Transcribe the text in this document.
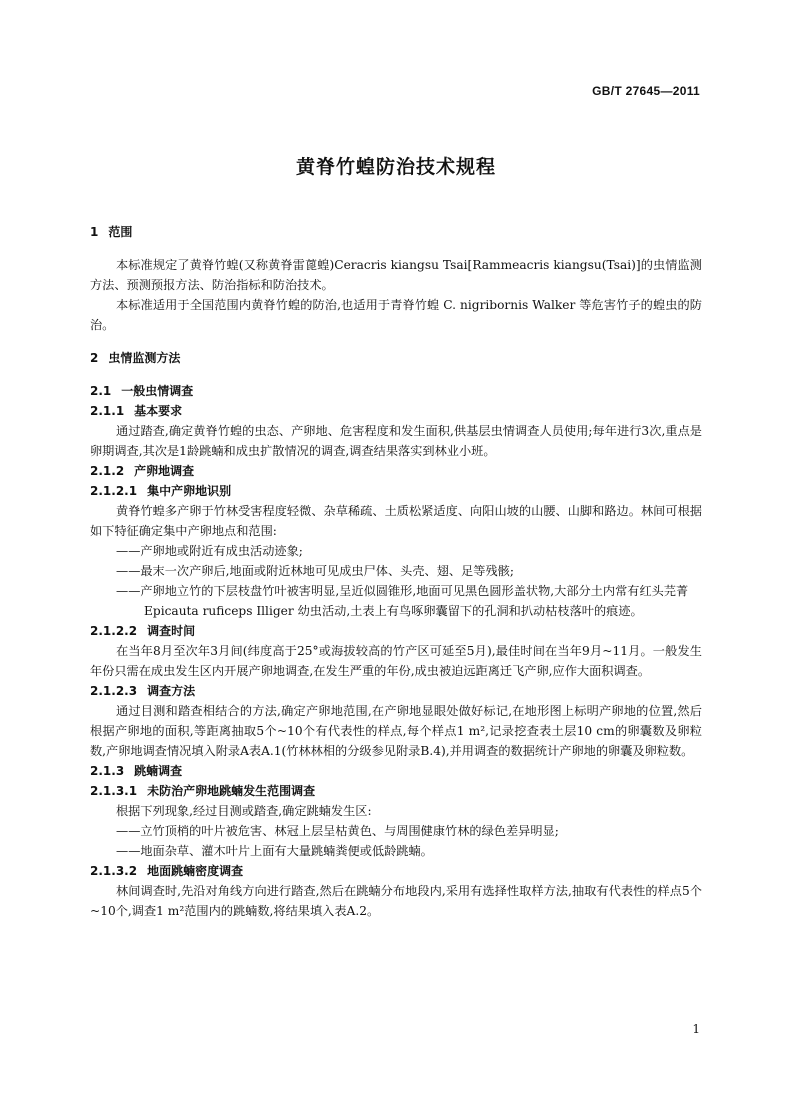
GB/T 27645—2011
黄脊竹蝗防治技术规程
1 范围
本标准规定了黄脊竹蝗(又称黄脊雷蓖蝗)Ceracris kiangsu Tsai[Rammeacris kiangsu(Tsai)]的虫情监测方法、预测预报方法、防治指标和防治技术。
本标准适用于全国范围内黄脊竹蝗的防治,也适用于青脊竹蝗 C. nigribornis Walker 等危害竹子的蝗虫的防治。
2 虫情监测方法
2.1 一般虫情调查
2.1.1 基本要求
通过踏查,确定黄脊竹蝗的虫态、产卵地、危害程度和发生面积,供基层虫情调查人员使用;每年进行3次,重点是卵期调查,其次是1龄跳蝻和成虫扩散情况的调查,调查结果落实到林业小班。
2.1.2 产卵地调查
2.1.2.1 集中产卵地识别
黄脊竹蝗多产卵于竹林受害程度轻微、杂草稀疏、土质松紧适度、向阳山坡的山腰、山脚和路边。林间可根据如下特征确定集中产卵地点和范围:
——产卵地或附近有成虫活动迹象;
——最末一次产卵后,地面或附近林地可见成虫尸体、头壳、翅、足等残骸;
——产卵地立竹的下层枝盘竹叶被害明显,呈近似圆锥形,地面可见黑色圆形盖状物,大部分土内常有红头芫菁 Epicauta ruficeps Illiger 幼虫活动,土表上有鸟啄卵囊留下的孔洞和扒动枯枝落叶的痕迹。
2.1.2.2 调查时间
在当年8月至次年3月间(纬度高于25°或海拔较高的竹产区可延至5月),最佳时间在当年9月~11月。一般发生年份只需在成虫发生区内开展产卵地调查,在发生严重的年份,成虫被迫远距离迁飞产卵,应作大面积调查。
2.1.2.3 调查方法
通过目测和踏查相结合的方法,确定产卵地范围,在产卵地显眼处做好标记,在地形图上标明产卵地的位置,然后根据产卵地的面积,等距离抽取5个~10个有代表性的样点,每个样点1 m²,记录挖查表土层10 cm的卵囊数及卵粒数,产卵地调查情况填入附录A表A.1(竹林林相的分级参见附录B.4),并用调查的数据统计产卵地的卵囊及卵粒数。
2.1.3 跳蝻调查
2.1.3.1 未防治产卵地跳蝻发生范围调查
根据下列现象,经过目测或踏查,确定跳蝻发生区:
——立竹顶梢的叶片被危害、林冠上层呈枯黄色、与周围健康竹林的绿色差异明显;
——地面杂草、灌木叶片上面有大量跳蝻粪便或低龄跳蝻。
2.1.3.2 地面跳蝻密度调查
林间调查时,先沿对角线方向进行踏查,然后在跳蝻分布地段内,采用有选择性取样方法,抽取有代表性的样点5个~10个,调查1 m²范围内的跳蝻数,将结果填入表A.2。
1
